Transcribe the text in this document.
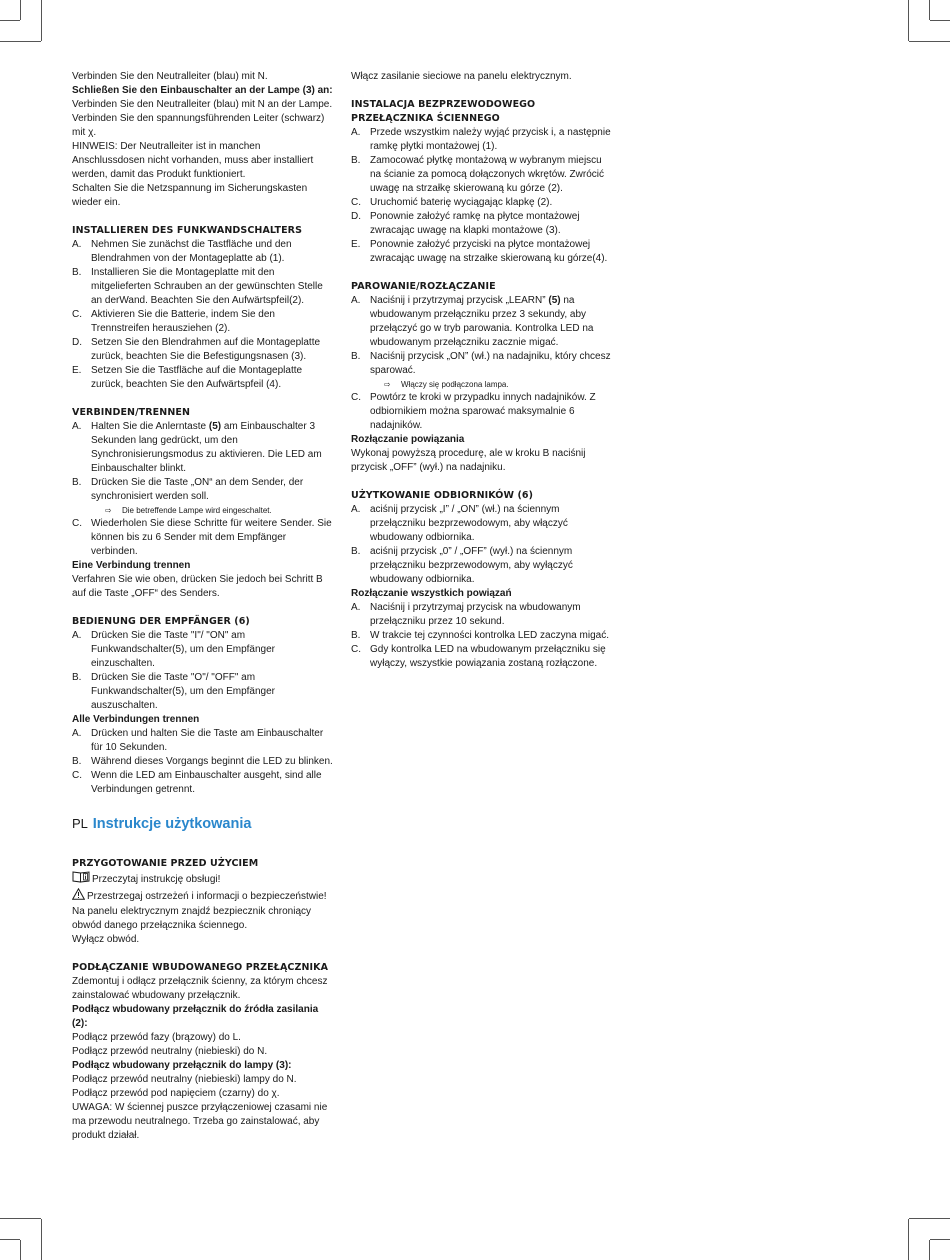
Verbinden Sie den Neutralleiter (blau) mit N.

Schließen Sie den Einbauschalter an der Lampe (3) an:

Verbinden Sie den Neutralleiter (blau) mit N an der Lampe.

Verbinden Sie den spannungsführenden Leiter (schwarz) mit χ.

HINWEIS: Der Neutralleiter ist in manchen Anschlussdosen nicht vorhanden, muss aber installiert werden, damit das Produkt funktioniert.

Schalten Sie die Netzspannung im Sicherungskasten wieder ein.

INSTALLIEREN DES FUNKWANDSCHALTERS

A. Nehmen Sie zunächst die Tastfläche und den Blendrahmen von der Montageplatte ab (1).
B. Installieren Sie die Montageplatte mit den mitgelieferten Schrauben an der gewünschten Stelle an derWand. Beachten Sie den Aufwärtspfeil(2).
C. Aktivieren Sie die Batterie, indem Sie den Trennstreifen herausziehen (2).
D. Setzen Sie den Blendrahmen auf die Montageplatte zurück, beachten Sie die Befestigungsnasen (3).
E. Setzen Sie die Tastfläche auf die Montageplatte zurück, beachten Sie den Aufwärtspfeil (4).

VERBINDEN/TRENNEN

A. Halten Sie die Anlerntaste (5) am Einbauschalter 3 Sekunden lang gedrückt, um den Synchronisierungsmodus zu aktivieren. Die LED am Einbauschalter blinkt.
B. Drücken Sie die Taste „ON“ an dem Sender, der synchronisiert werden soll.
⇨ Die betreffende Lampe wird eingeschaltet.
C. Wiederholen Sie diese Schritte für weitere Sender. Sie können bis zu 6 Sender mit dem Empfänger verbinden.

Eine Verbindung trennen

Verfahren Sie wie oben, drücken Sie jedoch bei Schritt B auf die Taste „OFF“ des Senders.

BEDIENUNG DER EMPFÄNGER (6)

A. Drücken Sie die Taste "I"/ "ON" am Funkwandschalter(5), um den Empfänger einzuschalten.
B. Drücken Sie die Taste "O"/ "OFF" am Funkwandschalter(5), um den Empfänger auszuschalten.

Alle Verbindungen trennen

A. Drücken und halten Sie die Taste am Einbauschalter für 10 Sekunden.
B. Während dieses Vorgangs beginnt die LED zu blinken.
C. Wenn die LED am Einbauschalter ausgeht, sind alle Verbindungen getrennt.

PL Instrukcje użytkowania

PRZYGOTOWANIE PRZED UŻYCIEM

Przeczytaj instrukcję obsługi!

Przestrzegaj ostrzeżeń i informacji o bezpieczeństwie!

Na panelu elektrycznym znajdź bezpiecznik chroniący obwód danego przełącznika ściennego.

Wyłącz obwód.

PODŁĄCZANIE WBUDOWANEGO PRZEŁĄCZNIKA

Zdemontuj i odłącz przełącznik ścienny, za którym chcesz zainstalować wbudowany przełącznik.

Podłącz wbudowany przełącznik do źródła zasilania (2):

Podłącz przewód fazy (brązowy) do L.

Podłącz przewód neutralny (niebieski) do N.

Podłącz wbudowany przełącznik do lampy (3):

Podłącz przewód neutralny (niebieski) lampy do N.

Podłącz przewód pod napięciem (czarny) do χ.

UWAGA: W ściennej puszce przyłączeniowej czasami nie ma przewodu neutralnego. Trzeba go zainstalować, aby produkt działał.

Włącz zasilanie sieciowe na panelu elektrycznym.

INSTALACJA BEZPRZEWODOWEGO PRZEŁĄCZNIKA ŚCIENNEGO

A. Przede wszystkim należy wyjąć przycisk i, a następnie ramkę płytki montażowej (1).
B. Zamocować płytkę montażową w wybranym miejscu na ścianie za pomocą dołączonych wkrętów. Zwrócić uwagę na strzałkę skierowaną ku górze (2).
C. Uruchomić baterię wyciągając klapkę (2).
D. Ponownie założyć ramkę na płytce montażowej zwracając uwagę na klapki montażowe (3).
E. Ponownie założyć przyciski na płytce montażowej zwracając uwagę na strzałke skierowaną ku górze(4).

PAROWANIE/ROZŁĄCZANIE

A. Naciśnij i przytrzymaj przycisk „LEARN” (5) na wbudowanym przełączniku przez 3 sekundy, aby przełączyć go w tryb parowania. Kontrolka LED na wbudowanym przełączniku zacznie migać.
B. Naciśnij przycisk „ON” (wł.) na nadajniku, który chcesz sparować.
⇨ Włączy się podłączona lampa.
C. Powtórz te kroki w przypadku innych nadajników. Z odbiornikiem można sparować maksymalnie 6 nadajników.

Rozłączanie powiązania

Wykonaj powyższą procedurę, ale w kroku B naciśnij przycisk „OFF” (wył.) na nadajniku.

UŻYTKOWANIE ODBIORNIKÓW (6)

A. aciśnij przycisk „I” / „ON” (wł.) na ściennym przełączniku bezprzewodowym, aby włączyć wbudowany odbiornika.
B. aciśnij przycisk „0” / „OFF” (wył.) na ściennym przełączniku bezprzewodowym, aby wyłączyć wbudowany odbiornika.

Rozłączanie wszystkich powiązań

A. Naciśnij i przytrzymaj przycisk na wbudowanym przełączniku przez 10 sekund.
B. W trakcie tej czynności kontrolka LED zaczyna migać.
C. Gdy kontrolka LED na wbudowanym przełączniku się wyłączy, wszystkie powiązania zostaną rozłączone.
